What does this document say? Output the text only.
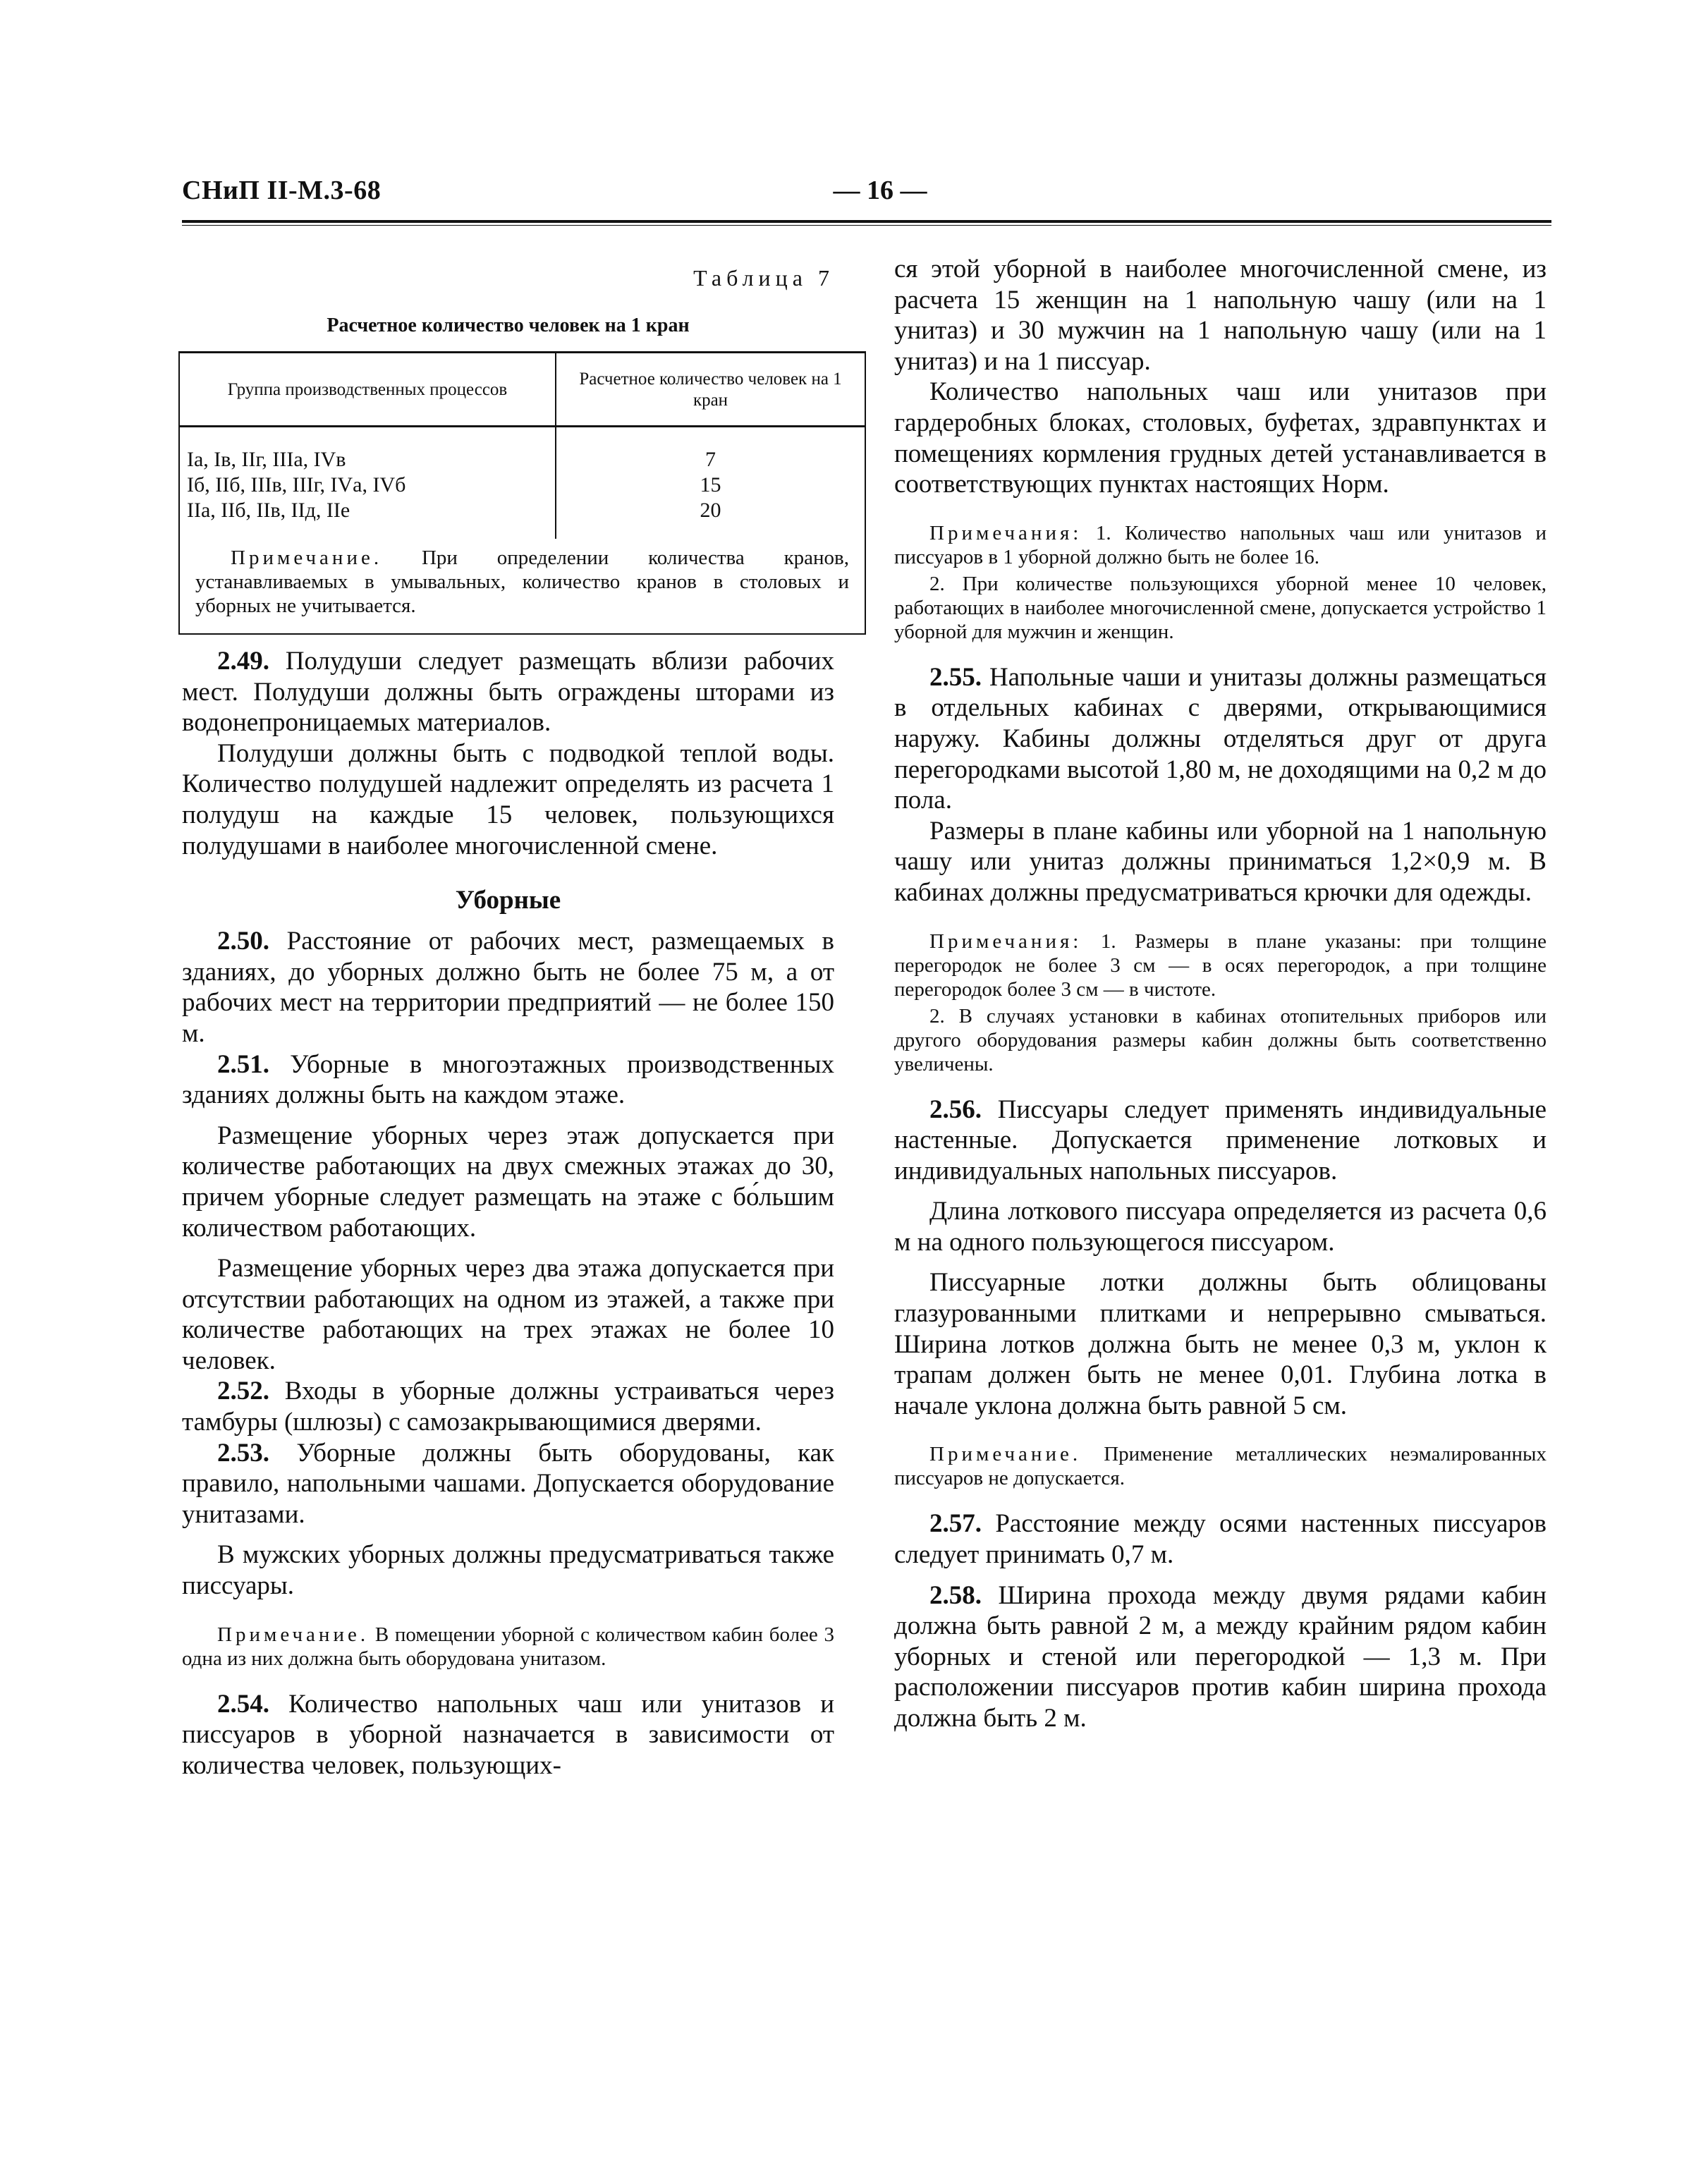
СНиП II-М.3-68	— 16 —
Таблица 7
Расчетное количество человек на 1 кран
Группа производственных процессов	Расчетное количество человек на 1 кран
Iа, Iв, IIг, IIIа, IVв	7
Iб, IIб, IIIв, IIIг, IVа, IVб	15
IIа, IIб, IIв, IIд, IIе	20
Примечание. При определении количества кранов, устанавливаемых в умывальных, количество кранов в столовых и уборных не учитывается.	

2.49. Полудуши следует размещать вблизи рабочих мест. Полудуши должны быть ограждены шторами из водонепроницаемых материалов.

Полудуши должны быть с подводкой теплой воды. Количество полудушей надлежит определять из расчета 1 полудуш на каждые 15 человек, пользующихся полудушами в наиболее многочисленной смене.

Уборные

2.50. Расстояние от рабочих мест, размещаемых в зданиях, до уборных должно быть не более 75 м, а от рабочих мест на территории предприятий — не более 150 м.

2.51. Уборные в многоэтажных производственных зданиях должны быть на каждом этаже.

Размещение уборных через этаж допускается при количестве работающих на двух смежных этажах до 30, причем уборные следует размещать на этаже с бо́льшим количеством работающих.

Размещение уборных через два этажа допускается при отсутствии работающих на одном из этажей, а также при количестве работающих на трех этажах не более 10 человек.

2.52. Входы в уборные должны устраиваться через тамбуры (шлюзы) с самозакрывающимися дверями.

2.53. Уборные должны быть оборудованы, как правило, напольными чашами. Допускается оборудование унитазами.

В мужских уборных должны предусматриваться также писсуары.

Примечание. В помещении уборной с количеством кабин более 3 одна из них должна быть оборудована унитазом.

2.54. Количество напольных чаш или унитазов и писсуаров в уборной назначается в зависимости от количества человек, пользующих-

ся этой уборной в наиболее многочисленной смене, из расчета 15 женщин на 1 напольную чашу (или на 1 унитаз) и 30 мужчин на 1 напольную чашу (или на 1 унитаз) и на 1 писсуар.

Количество напольных чаш или унитазов при гардеробных блоках, столовых, буфетах, здравпунктах и помещениях кормления грудных детей устанавливается в соответствующих пунктах настоящих Норм.

Примечания: 1. Количество напольных чаш или унитазов и писсуаров в 1 уборной должно быть не более 16.

2. При количестве пользующихся уборной менее 10 человек, работающих в наиболее многочисленной смене, допускается устройство 1 уборной для мужчин и женщин.

2.55. Напольные чаши и унитазы должны размещаться в отдельных кабинах с дверями, открывающимися наружу. Кабины должны отделяться друг от друга перегородками высотой 1,80 м, не доходящими на 0,2 м до пола.

Размеры в плане кабины или уборной на 1 напольную чашу или унитаз должны приниматься 1,2×0,9 м. В кабинах должны предусматриваться крючки для одежды.

Примечания: 1. Размеры в плане указаны: при толщине перегородок не более 3 см — в осях перегородок, а при толщине перегородок более 3 см — в чистоте.

2. В случаях установки в кабинах отопительных приборов или другого оборудования размеры кабин должны быть соответственно увеличены.

2.56. Писсуары следует применять индивидуальные настенные. Допускается применение лотковых и индивидуальных напольных писсуаров.

Длина лоткового писсуара определяется из расчета 0,6 м на одного пользующегося писсуаром.

Писсуарные лотки должны быть облицованы глазурованными плитками и непрерывно смываться. Ширина лотков должна быть не менее 0,3 м, уклон к трапам должен быть не менее 0,01. Глубина лотка в начале уклона должна быть равной 5 см.

Примечание. Применение металлических неэмалированных писсуаров не допускается.

2.57. Расстояние между осями настенных писсуаров следует принимать 0,7 м.

2.58. Ширина прохода между двумя рядами кабин должна быть равной 2 м, а между крайним рядом кабин уборных и стеной или перегородкой — 1,3 м. При расположении писсуаров против кабин ширина прохода должна быть 2 м.
